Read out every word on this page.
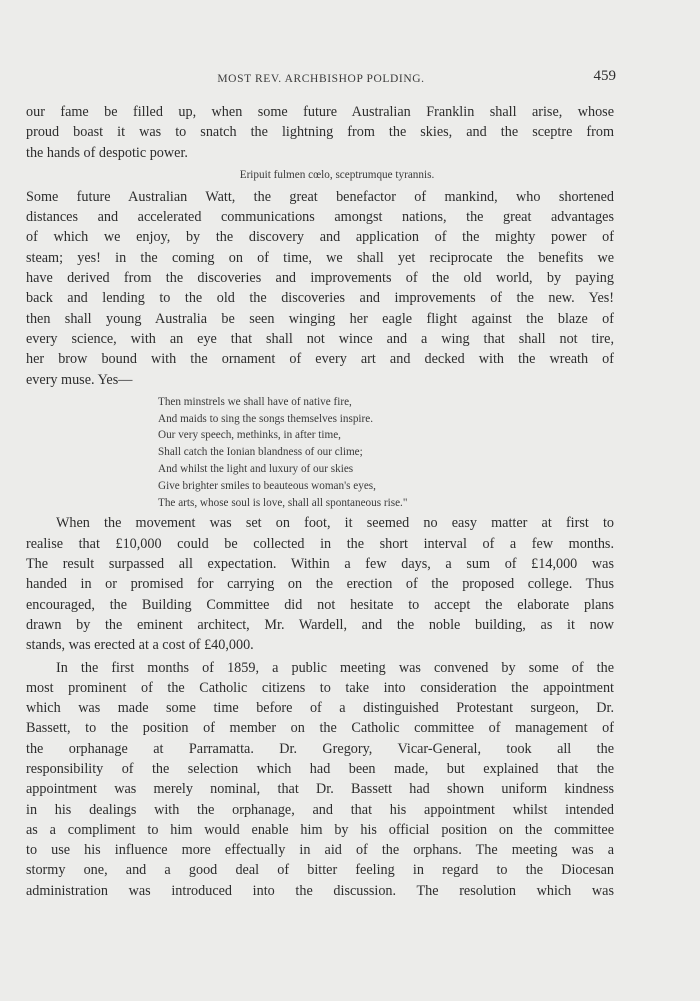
MOST REV. ARCHBISHOP POLDING.	459
our fame be filled up, when some future Australian Franklin shall arise, whose
proud boast it was to snatch the lightning from the skies, and the sceptre from
the hands of despotic power.
Eripuit fulmen cœlo, sceptrumque tyrannis.
Some future Australian Watt, the great benefactor of mankind, who shortened
distances and accelerated communications amongst nations, the great advantages
of which we enjoy, by the discovery and application of the mighty power of
steam; yes! in the coming on of time, we shall yet reciprocate the benefits we
have derived from the discoveries and improvements of the old world, by paying
back and lending to the old the discoveries and improvements of the new. Yes!
then shall young Australia be seen winging her eagle flight against the blaze of
every science, with an eye that shall not wince and a wing that shall not tire,
her brow bound with the ornament of every art and decked with the wreath of
every muse. Yes—
Then minstrels we shall have of native fire,
And maids to sing the songs themselves inspire.
Our very speech, methinks, in after time,
Shall catch the Ionian blandness of our clime;
And whilst the light and luxury of our skies
Give brighter smiles to beauteous woman's eyes,
The arts, whose soul is love, shall all spontaneous rise."
When the movement was set on foot, it seemed no easy matter at first to
realise that £10,000 could be collected in the short interval of a few months.
The result surpassed all expectation. Within a few days, a sum of £14,000 was
handed in or promised for carrying on the erection of the proposed college. Thus
encouraged, the Building Committee did not hesitate to accept the elaborate plans
drawn by the eminent architect, Mr. Wardell, and the noble building, as it now
stands, was erected at a cost of £40,000.
In the first months of 1859, a public meeting was convened by some of the
most prominent of the Catholic citizens to take into consideration the appointment
which was made some time before of a distinguished Protestant surgeon, Dr.
Bassett, to the position of member on the Catholic committee of management of
the orphanage at Parramatta. Dr. Gregory, Vicar-General, took all the
responsibility of the selection which had been made, but explained that the
appointment was merely nominal, that Dr. Bassett had shown uniform kindness
in his dealings with the orphanage, and that his appointment whilst intended
as a compliment to him would enable him by his official position on the committee
to use his influence more effectually in aid of the orphans. The meeting was a
stormy one, and a good deal of bitter feeling in regard to the Diocesan
administration was introduced into the discussion. The resolution which was
